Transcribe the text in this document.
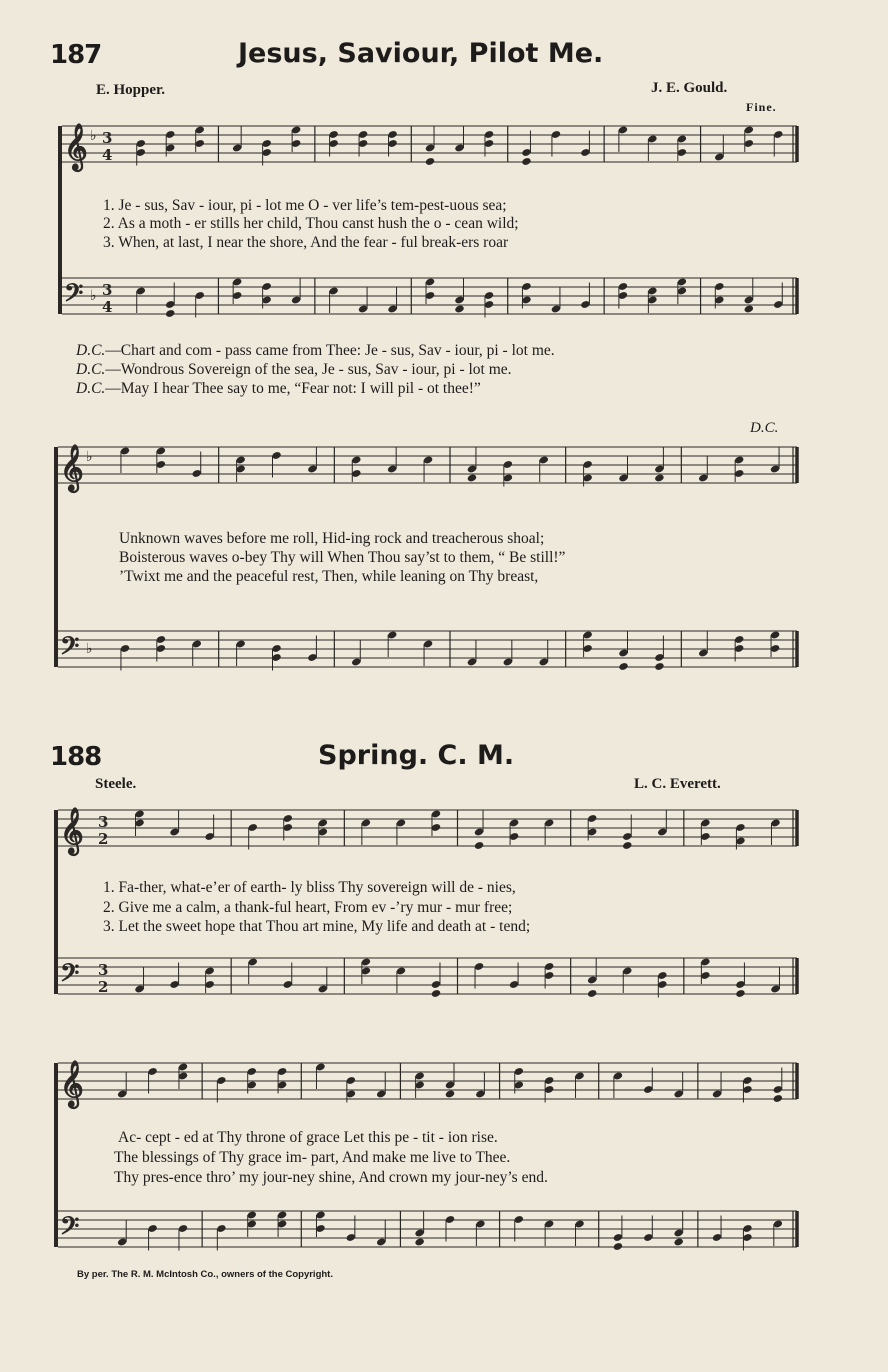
187	Jesus, Saviour, Pilot Me.
E. Hopper.	J. E. Gould.
Fine.
D.C.
1. Je - sus, Sav - iour, pi - lot me O - ver life’s tem-pest-uous sea;
2. As a moth - er stills her child, Thou canst hush the o - cean wild;
3. When, at last, I near the shore, And the fear - ful break-ers roar
D.C.—Chart and com - pass came from Thee: Je - sus, Sav - iour, pi - lot me.
D.C.—Wondrous Sovereign of the sea, Je - sus, Sav - iour, pi - lot me.
D.C.—May I hear Thee say to me, “Fear not: I will pil - ot thee!”
Unknown waves before me roll, Hid-ing rock and treacherous shoal;
Boisterous waves o-bey Thy will When Thou say’st to them, “ Be still!”
’Twixt me and the peaceful rest, Then, while leaning on Thy breast,
188	Spring. C. M.
Steele.	L. C. Everett.
1. Fa-ther, what-e’er of earth- ly bliss Thy sovereign will de - nies,
2. Give me a calm, a thank-ful heart, From ev -’ry mur - mur free;
3. Let the sweet hope that Thou art mine, My life and death at - tend;
Ac- cept - ed at Thy throne of grace Let this pe - tit - ion rise.
The blessings of Thy grace im- part, And make me live to Thee.
Thy pres-ence thro’ my jour-ney shine, And crown my jour-ney’s end.
By per. The R. M. McIntosh Co., owners of the Copyright.
𝄞
𝄢
♭
♭
3
4
3
4
𝄞
𝄢
♭
♭
𝄞
𝄢
3
2
3
2
𝄞
𝄢
